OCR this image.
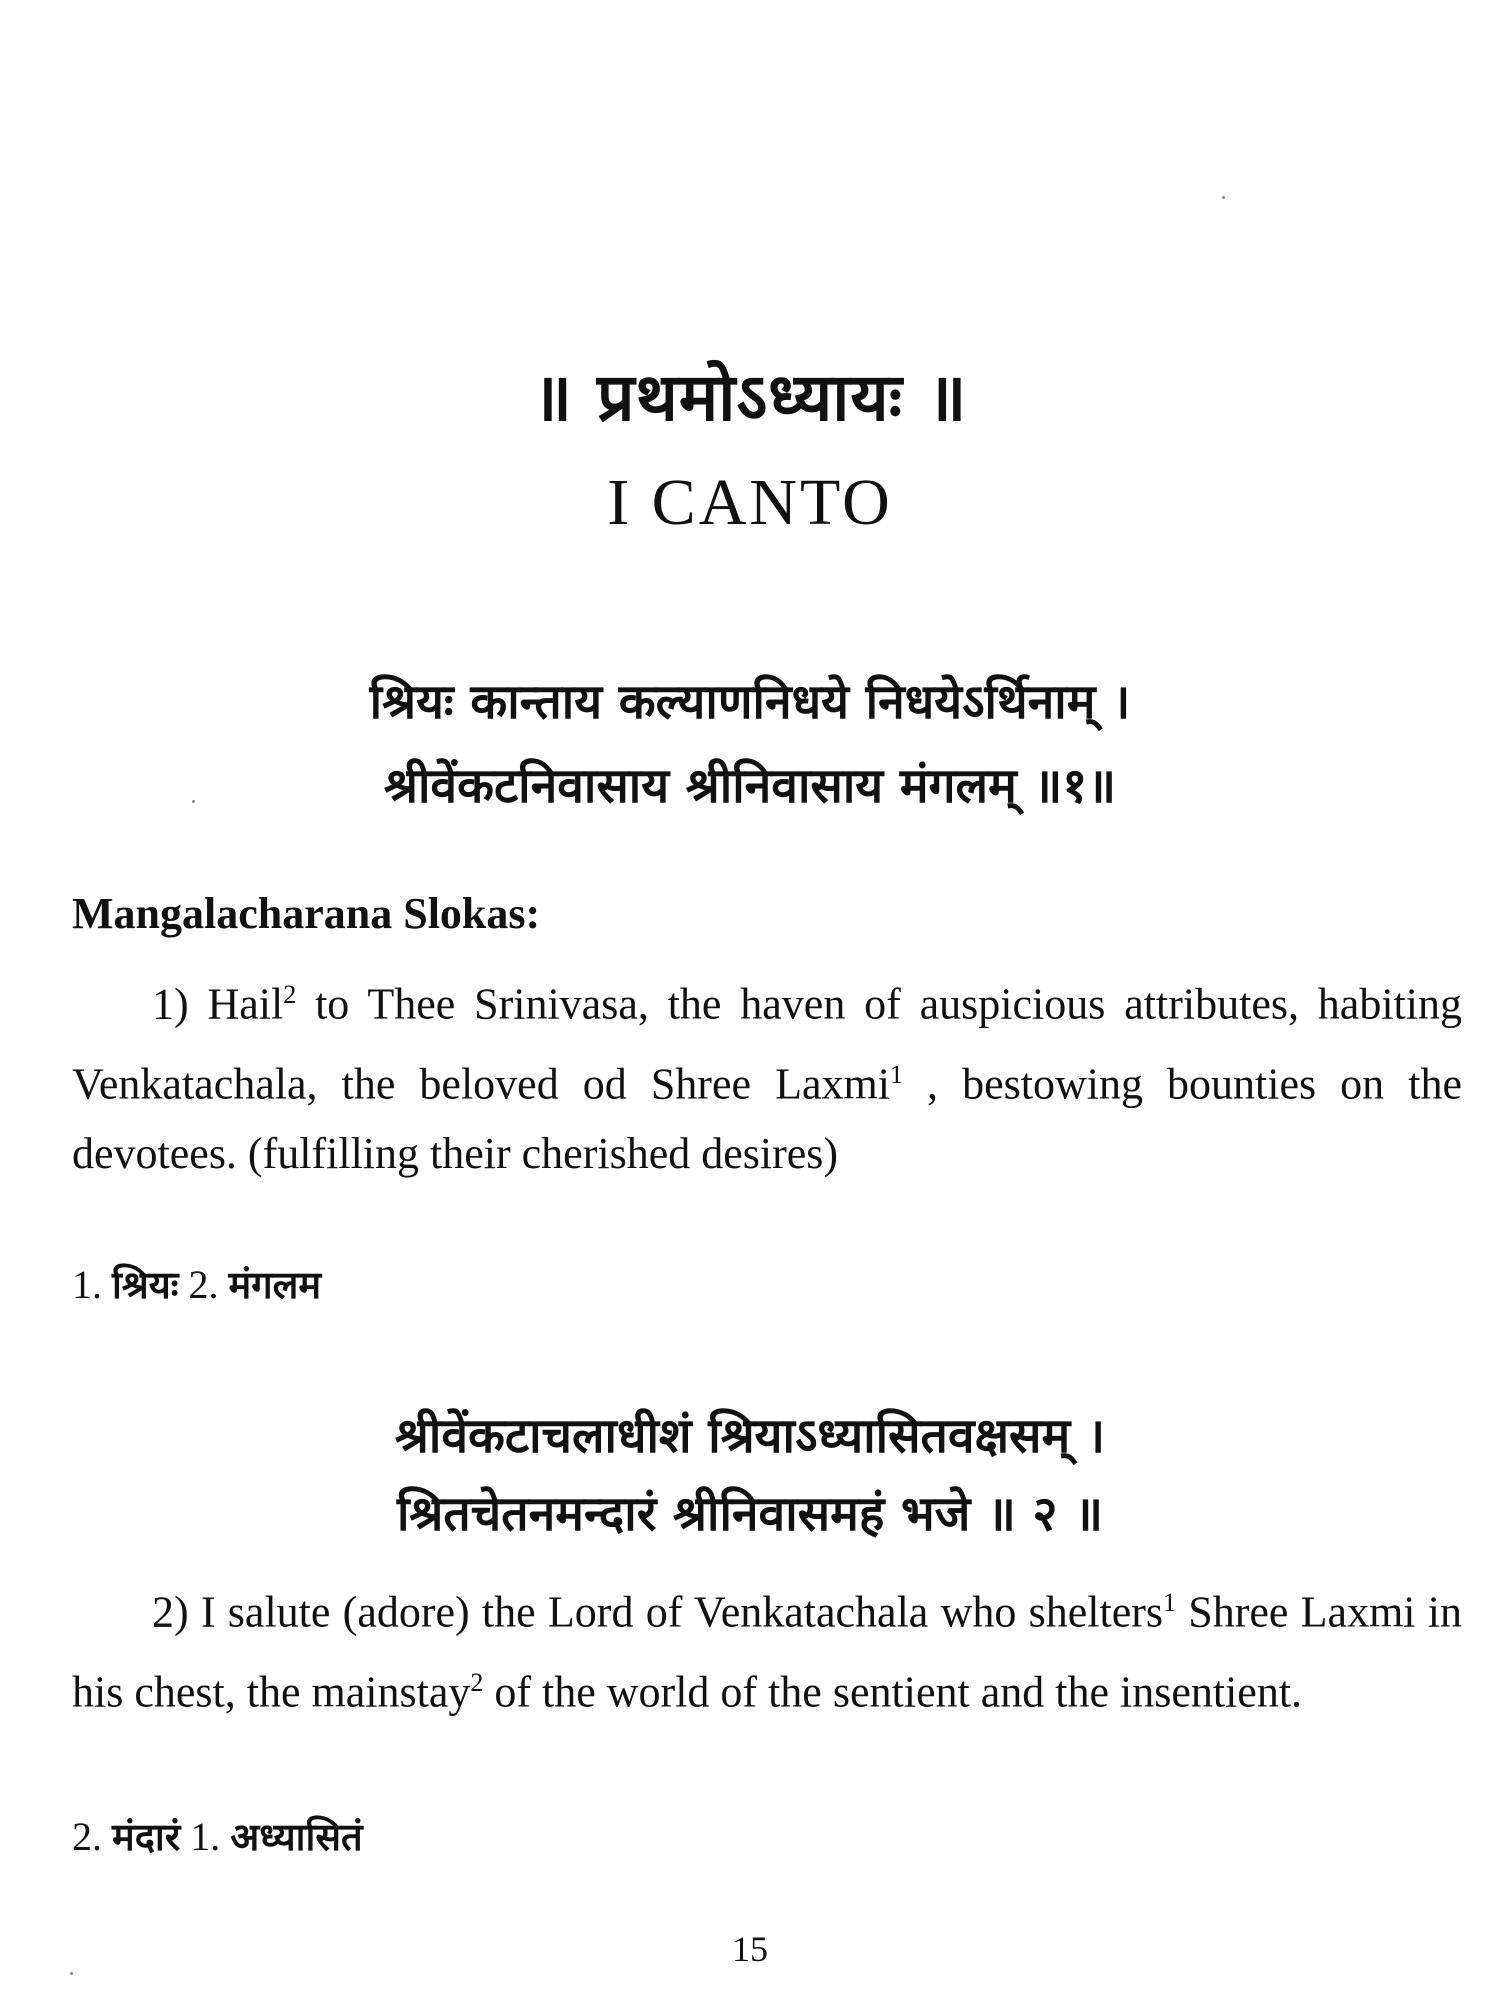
॥ प्रथमोऽध्यायः ॥
I CANTO
श्रियः कान्ताय कल्याणनिधये निधयेऽर्थिनाम् ।
श्रीवेंकटनिवासाय श्रीनिवासाय मंगलम् ॥१॥
Mangalacharana Slokas:

1) Hail$^2$ to Thee Srinivasa, the haven of auspicious attributes, habiting Venkatachala, the beloved od Shree Laxmi$^1$ , bestowing bounties on the devotees. (fulfilling their cherished desires)

1. श्रियः 2. मंगलम
श्रीवेंकटाचलाधीशं श्रियाऽध्यासितवक्षसम् ।
श्रितचेतनमन्दारं श्रीनिवासमहं भजे ॥ २ ॥

2) I salute (adore) the Lord of Venkatachala who shelters$^1$ Shree Laxmi in his chest, the mainstay$^2$ of the world of the sentient and the insentient.

2. मंदारं 1. अध्यासितं
15
